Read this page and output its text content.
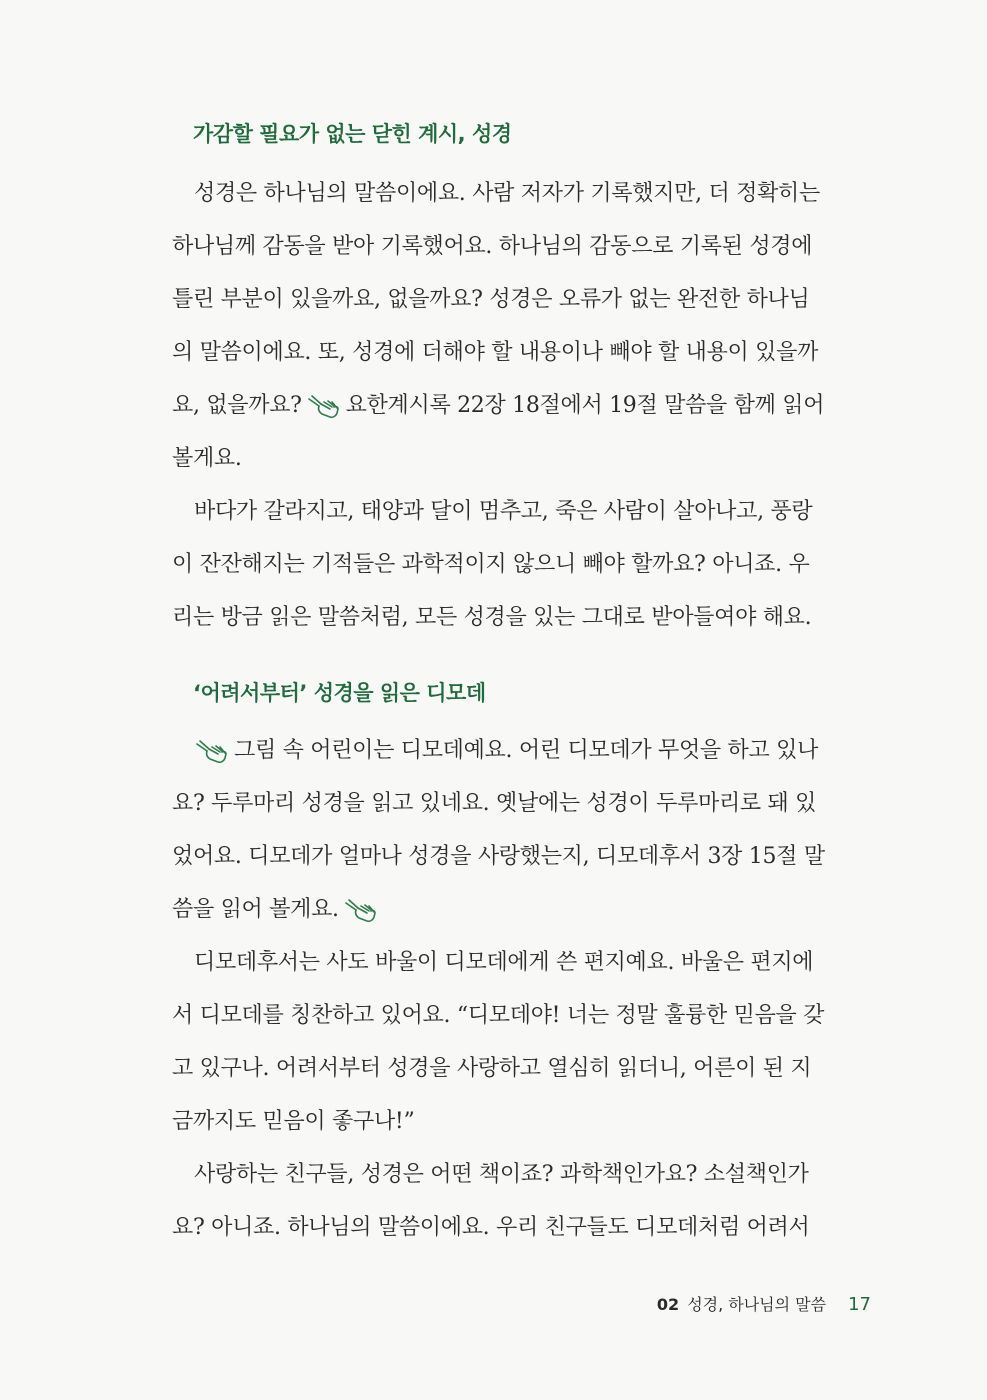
가감할 필요가 없는 닫힌 계시, 성경
성경은 하나님의 말씀이에요. 사람 저자가 기록했지만, 더 정확히는
하나님께 감동을 받아 기록했어요. 하나님의 감동으로 기록된 성경에
틀린 부분이 있을까요, 없을까요? 성경은 오류가 없는 완전한 하나님
의 말씀이에요. 또, 성경에 더해야 할 내용이나 빼야 할 내용이 있을까
요, 없을까요? 요한계시록 22장 18절에서 19절 말씀을 함께 읽어
볼게요.
바다가 갈라지고, 태양과 달이 멈추고, 죽은 사람이 살아나고, 풍랑
이 잔잔해지는 기적들은 과학적이지 않으니 빼야 할까요? 아니죠. 우
리는 방금 읽은 말씀처럼, 모든 성경을 있는 그대로 받아들여야 해요.
‘어려서부터’ 성경을 읽은 디모데
그림 속 어린이는 디모데예요. 어린 디모데가 무엇을 하고 있나
요? 두루마리 성경을 읽고 있네요. 옛날에는 성경이 두루마리로 돼 있
었어요. 디모데가 얼마나 성경을 사랑했는지, 디모데후서 3장 15절 말
씀을 읽어 볼게요.
디모데후서는 사도 바울이 디모데에게 쓴 편지예요. 바울은 편지에
서 디모데를 칭찬하고 있어요. “디모데야! 너는 정말 훌륭한 믿음을 갖
고 있구나. 어려서부터 성경을 사랑하고 열심히 읽더니, 어른이 된 지
금까지도 믿음이 좋구나!”
사랑하는 친구들, 성경은 어떤 책이죠? 과학책인가요? 소설책인가
요? 아니죠. 하나님의 말씀이에요. 우리 친구들도 디모데처럼 어려서
02 성경, 하나님의 말씀 17
